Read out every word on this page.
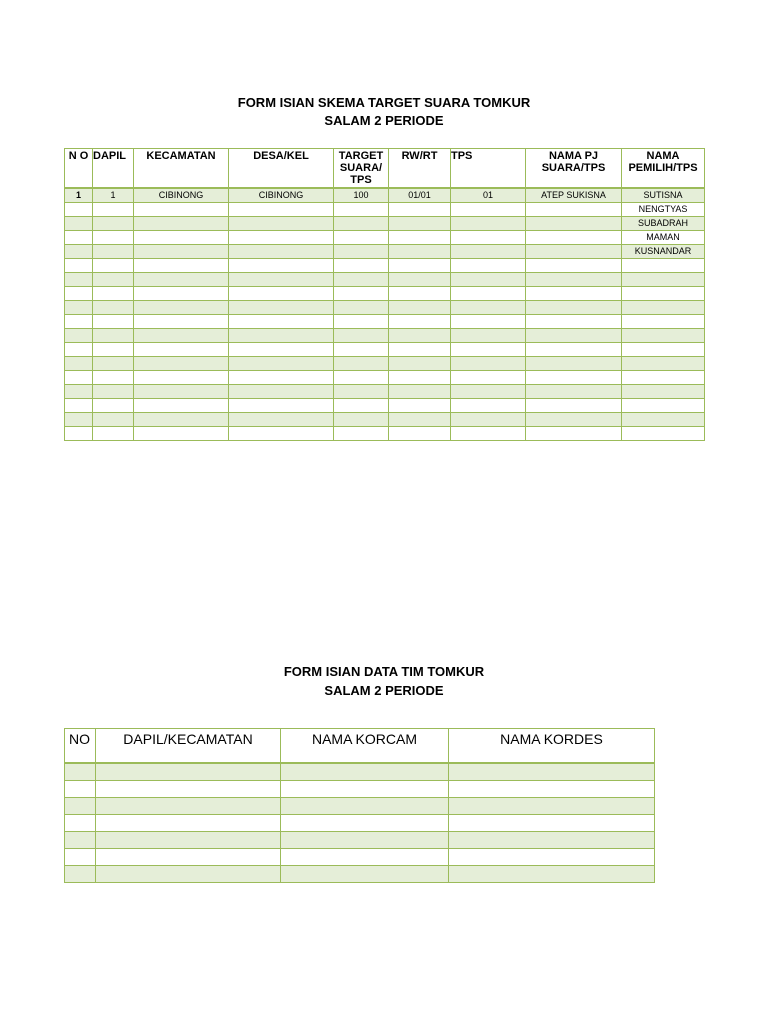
FORM ISIAN SKEMA TARGET SUARA TOMKUR
SALAM 2 PERIODE
N O	DAPIL	KECAMATAN	DESA/KEL	TARGET SUARA/ TPS	RW/RT	TPS	NAMA PJ SUARA/TPS	NAMA PEMILIH/TPS
1	1	CIBINONG	CIBINONG	100	01/01	01	ATEP SUKISNA	SUTISNA
								NENGTYAS
								SUBADRAH
								MAMAN
								KUSNANDAR

FORM ISIAN DATA TIM TOMKUR
SALAM 2 PERIODE
NO	DAPIL/KECAMATAN	NAMA KORCAM	NAMA KORDES
